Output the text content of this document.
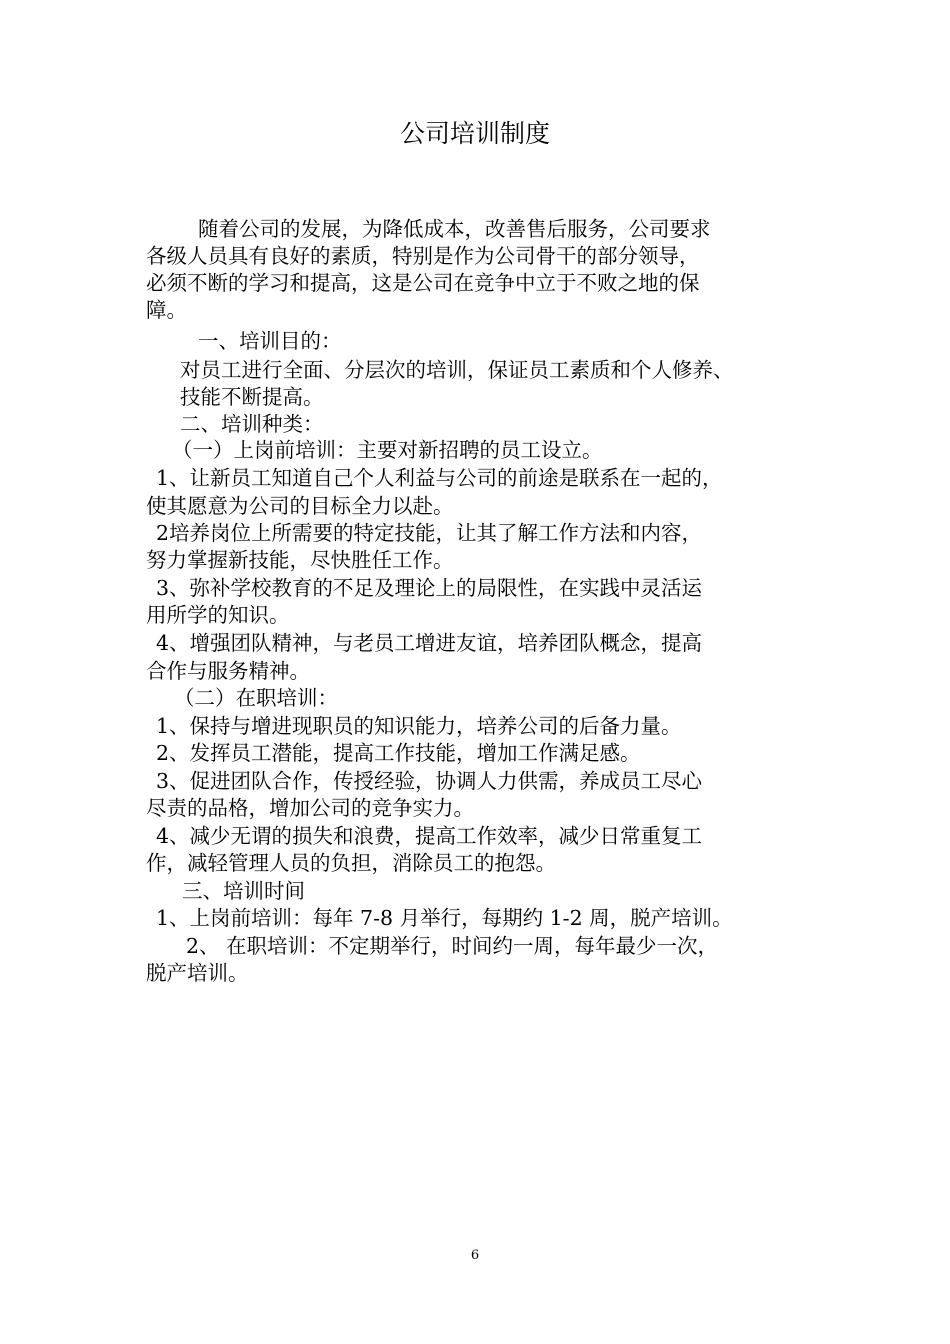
公司培训制度
随着公司的发展，为降低成本，改善售后服务，公司要求
各级人员具有良好的素质，特别是作为公司骨干的部分领导，
必须不断的学习和提高，这是公司在竞争中立于不败之地的保
障。
一、培训目的：
对员工进行全面、分层次的培训，保证员工素质和个人修养、
技能不断提高。
二、培训种类：
（一）上岗前培训：主要对新招聘的员工设立。
1、让新员工知道自己个人利益与公司的前途是联系在一起的，
使其愿意为公司的目标全力以赴。
2培养岗位上所需要的特定技能，让其了解工作方法和内容，
努力掌握新技能，尽快胜任工作。
3、弥补学校教育的不足及理论上的局限性，在实践中灵活运
用所学的知识。
4、增强团队精神，与老员工增进友谊，培养团队概念，提高
合作与服务精神。
（二）在职培训：
1、保持与增进现职员的知识能力，培养公司的后备力量。
2、发挥员工潜能，提高工作技能，增加工作满足感。
3、促进团队合作，传授经验，协调人力供需，养成员工尽心
尽责的品格，增加公司的竞争实力。
4、减少无谓的损失和浪费，提高工作效率，减少日常重复工
作，减轻管理人员的负担，消除员工的抱怨。
三、培训时间
1、上岗前培训：每年 7-8 月举行，每期约 1-2 周，脱产培训。
2、 在职培训：不定期举行，时间约一周，每年最少一次，
脱产培训。
6
